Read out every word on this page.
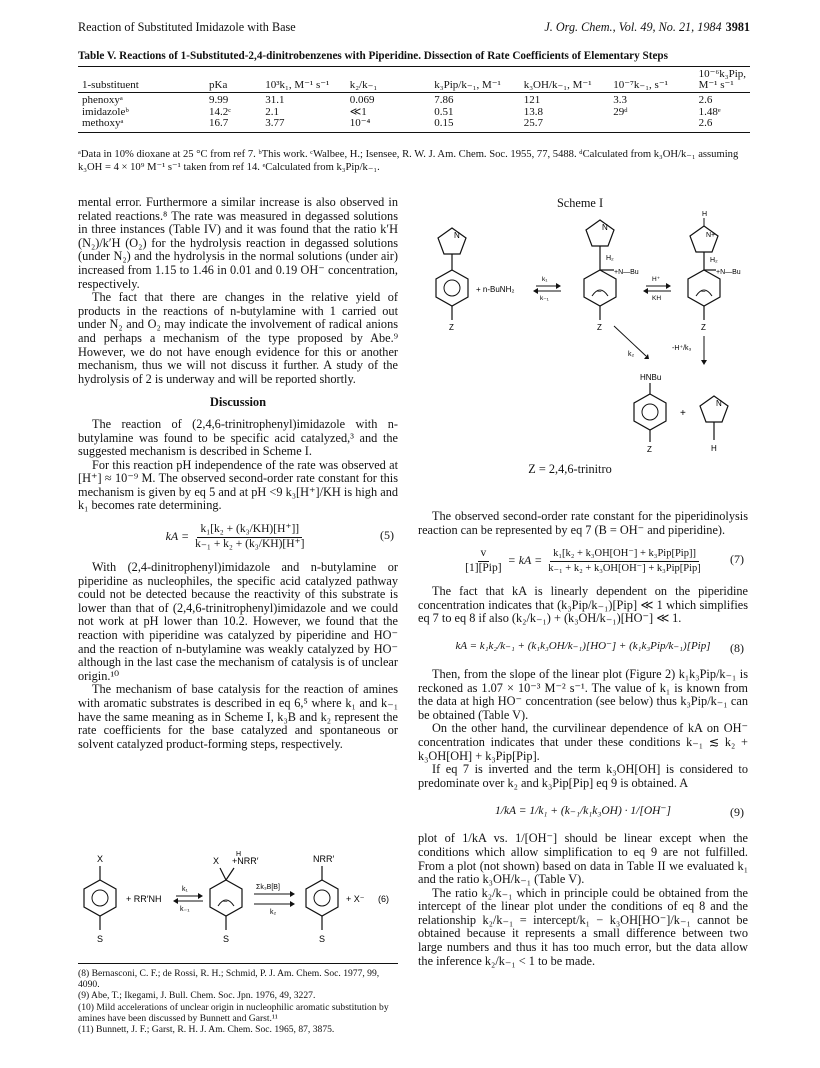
Reaction of Substituted Imidazole with Base	J. Org. Chem., Vol. 49, No. 21, 1984 3981
Table V. Reactions of 1-Substituted-2,4-dinitrobenzenes with Piperidine. Dissection of Rate Coefficients of Elementary Steps
1-substituent	pKa	10³k₁, M⁻¹ s⁻¹	k₂/k₋₁	k₃Pip/k₋₁, M⁻¹	k₃OH/k₋₁, M⁻¹	10⁻⁷k₋₁, s⁻¹	10⁻⁶k₃Pip, M⁻¹ s⁻¹
phenoxyᵃ	9.99	31.1	0.069	7.86	121	3.3	2.6
imidazoleᵇ	14.2ᶜ	2.1	≪1	0.51	13.8	29ᵈ	1.48ᵉ
methoxyᵃ	16.7	3.77	10⁻⁴	0.15	25.7		2.6
ᵃData in 10% dioxane at 25 °C from ref 7. ᵇThis work. ᶜWalbee, H.; Isensee, R. W. J. Am. Chem. Soc. 1955, 77, 5488. ᵈCalculated from k₃OH/k₋₁ assuming k₃OH = 4 × 10⁹ M⁻¹ s⁻¹ taken from ref 14. ᵉCalculated from k₃Pip/k₋₁.

mental error. Furthermore a similar increase is also observed in related reactions.⁸ The rate was measured in degassed solutions in three instances (Table IV) and it was found that the ratio k′H (N₂)/k′H (O₂) for the hydrolysis reaction in degassed solutions (under N₂) and the hydrolysis in the normal solutions (under air) increased from 1.15 to 1.46 in 0.01 and 0.19 OH⁻ concentration, respectively.

The fact that there are changes in the relative yield of products in the reactions of n-butylamine with 1 carried out under N₂ and O₂ may indicate the involvement of radical anions and perhaps a mechanism of the type proposed by Abe.⁹ However, we do not have enough evidence for this or another mechanism, thus we will not discuss it further. A study of the hydrolysis of 2 is underway and will be reported shortly.

Discussion

The reaction of (2,4,6-trinitrophenyl)imidazole with n-butylamine was found to be specific acid catalyzed,³ and the suggested mechanism is described in Scheme I.

For this reaction pH independence of the rate was observed at [H⁺] ≈ 10⁻⁹ M. The observed second-order rate constant for this mechanism is given by eq 5 and at pH <9 k₃[H⁺]/KH is high and k₁ becomes rate determining.

kA = $\frac{\text{k₁[k₂ + (k₃/KH)[H⁺]]}}{\text{k₋₁ + k₂ + (k₃/KH)[H⁺]}}$	(5)

With (2,4-dinitrophenyl)imidazole and n-butylamine or piperidine as nucleophiles, the specific acid catalyzed pathway could not be detected because the reactivity of this substrate is lower than that of (2,4,6-trinitrophenyl)imidazole and we could not work at pH lower than 10.2. However, we found that the reaction with piperidine was catalyzed by piperidine and HO⁻ and the reaction of n-butylamine was weakly catalyzed by HO⁻ although in the last case the mechanism of catalysis is of unclear origin.¹⁰

The mechanism of base catalysis for the reaction of amines with aromatic substrates is described in eq 6,⁵ where k₁ and k₋₁ have the same meaning as in Scheme I, k₃B and k₂ represent the rate coefficients for the base catalyzed and spontaneous or solvent catalyzed product-forming steps, respectively.

X
S
+ RR′NH
k₁
k₋₁
−
X +NRR′
H
S
Σk₃B[B]
k₂
NRR′
S
+ X⁻ (6)
(8) Bernasconi, C. F.; de Rossi, R. H.; Schmid, P. J. Am. Chem. Soc. 1977, 99, 4090.
(9) Abe, T.; Ikegami, J. Bull. Chem. Soc. Jpn. 1976, 49, 3227.
(10) Mild accelerations of unclear origin in nucleophilic aromatic substitution by amines have been discussed by Bunnett and Garst.¹¹
(11) Bunnett, J. F.; Garst, R. H. J. Am. Chem. Soc. 1965, 87, 3875.
Scheme I
N
Z
+ n-BuNH₂
k₁
k₋₁
N
H₂
+N—Bu
−
Z
H⁺
KH
H
N+
H₂
+N—Bu
−
Z
k₂
-H⁺/k₃
HNBu
Z
+
N
H
Z = 2,4,6-trinitro

The observed second-order rate constant for the piperidinolysis reaction can be represented by eq 7 (B = OH⁻ and piperidine).

$\frac{v}{\text{[1][Pip]}}$ = kA = $\frac{\text{k₁[k₂ + k₃OH[OH⁻] + k₃Pip[Pip]]}}{\text{k₋₁ + k₂ + k₃OH[OH⁻] + k₃Pip[Pip]}} (7)$

The fact that kA is linearly dependent on the piperidine concentration indicates that (k₃Pip/k₋₁)[Pip] ≪ 1 which simplifies eq 7 to eq 8 if also (k₂/k₋₁) + (k₃OH/k₋₁)[HO⁻] ≪ 1.

kA = k₁k₂/k₋₁ + (k₁k₃OH/k₋₁)[HO⁻] + (k₁k₃Pip/k₋₁)[Pip] (8)

Then, from the slope of the linear plot (Figure 2) k₁k₃Pip/k₋₁ is reckoned as 1.07 × 10⁻³ M⁻² s⁻¹. The value of k₁ is known from the data at high HO⁻ concentration (see below) thus k₃Pip/k₋₁ can be obtained (Table V).

On the other hand, the curvilinear dependence of kA on OH⁻ concentration indicates that under these conditions k₋₁ ≲ k₂ + k₃OH[OH] + k₃Pip[Pip].

If eq 7 is inverted and the term k₃OH[OH] is considered to predominate over k₂ and k₃Pip[Pip] eq 9 is obtained. A

1/kA = 1/k₁ + (k₋₁/k₁k₃OH) · 1/[OH⁻]	(9)

plot of 1/kA vs. 1/[OH⁻] should be linear except when the conditions which allow simplification to eq 9 are not fulfilled. From a plot (not shown) based on data in Table II we evaluated k₁ and the ratio k₃OH/k₋₁ (Table V).

The ratio k₂/k₋₁ which in principle could be obtained from the intercept of the linear plot under the conditions of eq 8 and the relationship k₂/k₋₁ = intercept/k₁ − k₃OH[HO⁻]/k₋₁ cannot be obtained because it represents a small difference between two large numbers and thus it has too much error, but the data allow the inference k₂/k₋₁ < 1 to be made.
